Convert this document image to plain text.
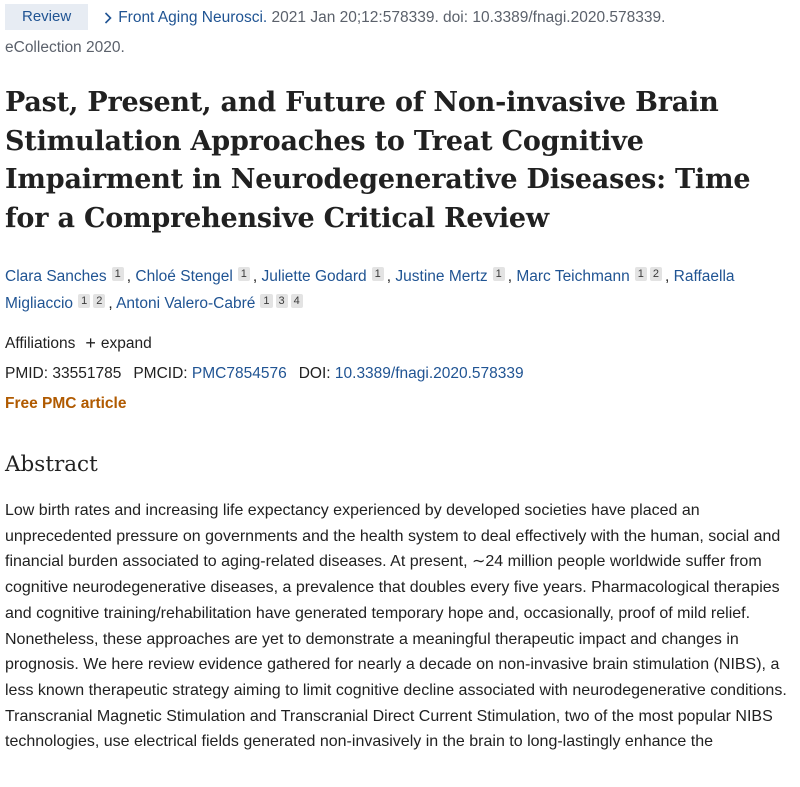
Review	Front Aging Neurosci. 2021 Jan 20;12:578339. doi: 10.3389/fnagi.2020.578339.
eCollection 2020.
Past, Present, and Future of Non-invasive Brain Stimulation Approaches to Treat Cognitive Impairment in Neurodegenerative Diseases: Time for a Comprehensive Critical Review
Clara Sanches 1 , Chloé Stengel 1 , Juliette Godard 1 , Justine Mertz 1 , Marc Teichmann 1 2 , Raffaella Migliaccio 1 2 , Antoni Valero-Cabré 1 3 4
Affiliations + expand
PMID: 33551785 PMCID: PMC7854576 DOI: 10.3389/fnagi.2020.578339
Free PMC article
Abstract

Low birth rates and increasing life expectancy experienced by developed societies have placed an unprecedented pressure on governments and the health system to deal effectively with the human, social and financial burden associated to aging-related diseases. At present, ∼24 million people worldwide suffer from cognitive neurodegenerative diseases, a prevalence that doubles every five years. Pharmacological therapies and cognitive training/rehabilitation have generated temporary hope and, occasionally, proof of mild relief. Nonetheless, these approaches are yet to demonstrate a meaningful therapeutic impact and changes in prognosis. We here review evidence gathered for nearly a decade on non-invasive brain stimulation (NIBS), a less known therapeutic strategy aiming to limit cognitive decline associated with neurodegenerative conditions. Transcranial Magnetic Stimulation and Transcranial Direct Current Stimulation, two of the most popular NIBS technologies, use electrical fields generated non-invasively in the brain to long-lastingly enhance the
